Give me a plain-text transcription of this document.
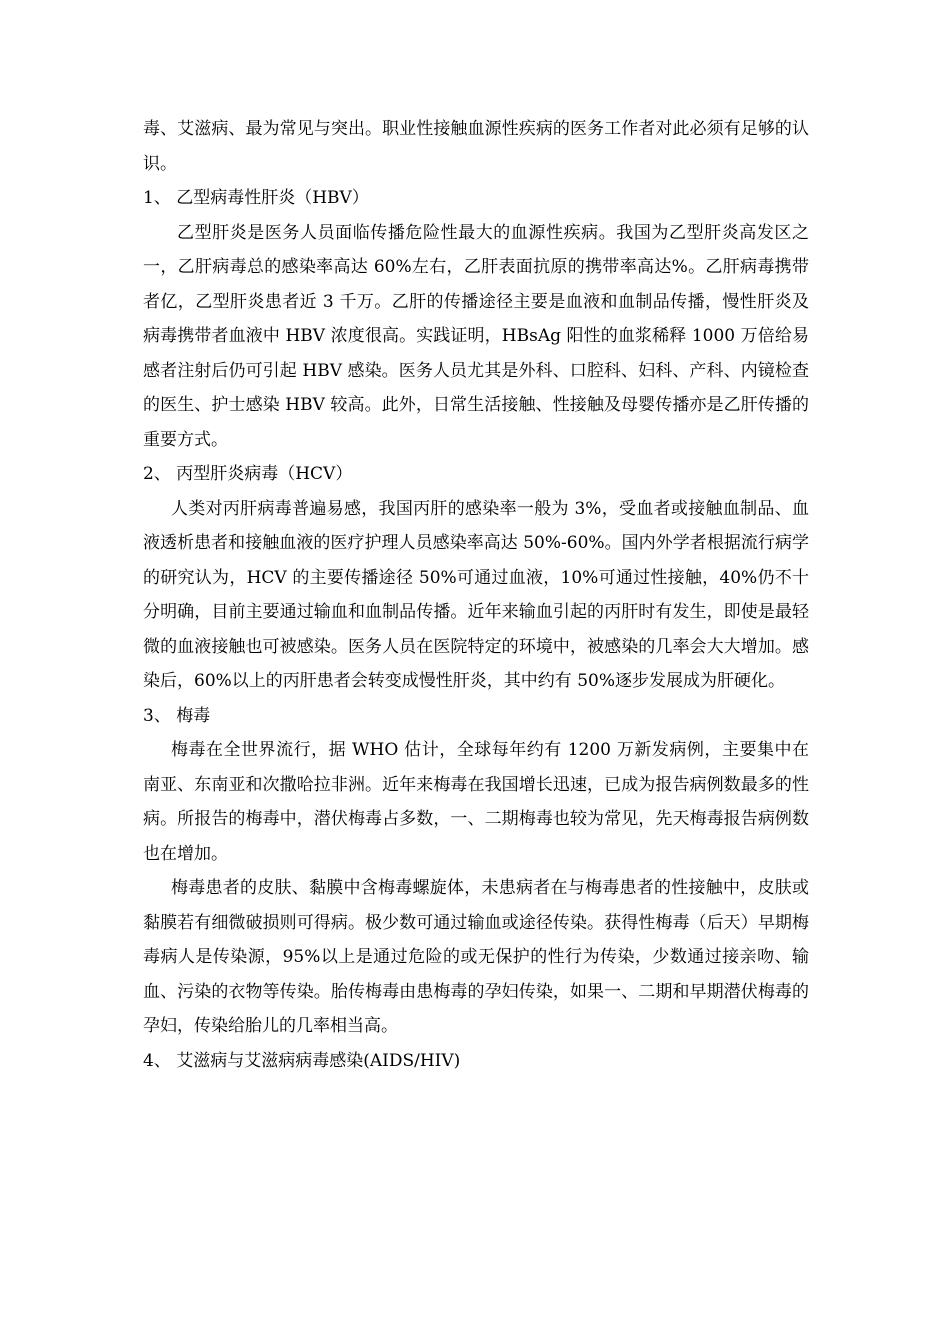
毒、艾滋病、最为常见与突出。职业性接触血源性疾病的医务工作者对此必须有足够的认识。

1、 乙型病毒性肝炎（HBV）

乙型肝炎是医务人员面临传播危险性最大的血源性疾病。我国为乙型肝炎高发区之一，乙肝病毒总的感染率高达 60%左右，乙肝表面抗原的携带率高达%。乙肝病毒携带者亿，乙型肝炎患者近 3 千万。乙肝的传播途径主要是血液和血制品传播，慢性肝炎及病毒携带者血液中 HBV 浓度很高。实践证明，HBsAg 阳性的血浆稀释 1000 万倍给易感者注射后仍可引起 HBV 感染。医务人员尤其是外科、口腔科、妇科、产科、内镜检查的医生、护士感染 HBV 较高。此外，日常生活接触、性接触及母婴传播亦是乙肝传播的重要方式。

2、 丙型肝炎病毒（HCV）

人类对丙肝病毒普遍易感，我国丙肝的感染率一般为 3%，受血者或接触血制品、血液透析患者和接触血液的医疗护理人员感染率高达 50%-60%。国内外学者根据流行病学的研究认为，HCV 的主要传播途径 50%可通过血液，10%可通过性接触，40%仍不十分明确，目前主要通过输血和血制品传播。近年来输血引起的丙肝时有发生，即使是最轻微的血液接触也可被感染。医务人员在医院特定的环境中，被感染的几率会大大增加。感染后，60%以上的丙肝患者会转变成慢性肝炎，其中约有 50%逐步发展成为肝硬化。

3、 梅毒

梅毒在全世界流行，据 WHO 估计，全球每年约有 1200 万新发病例，主要集中在南亚、东南亚和次撒哈拉非洲。近年来梅毒在我国增长迅速，已成为报告病例数最多的性病。所报告的梅毒中，潜伏梅毒占多数，一、二期梅毒也较为常见，先天梅毒报告病例数也在增加。

梅毒患者的皮肤、黏膜中含梅毒螺旋体，未患病者在与梅毒患者的性接触中，皮肤或黏膜若有细微破损则可得病。极少数可通过输血或途径传染。获得性梅毒（后天）早期梅毒病人是传染源，95%以上是通过危险的或无保护的性行为传染，少数通过接亲吻、输血、污染的衣物等传染。胎传梅毒由患梅毒的孕妇传染，如果一、二期和早期潜伏梅毒的孕妇，传染给胎儿的几率相当高。

4、 艾滋病与艾滋病病毒感染(AIDS/HIV)
